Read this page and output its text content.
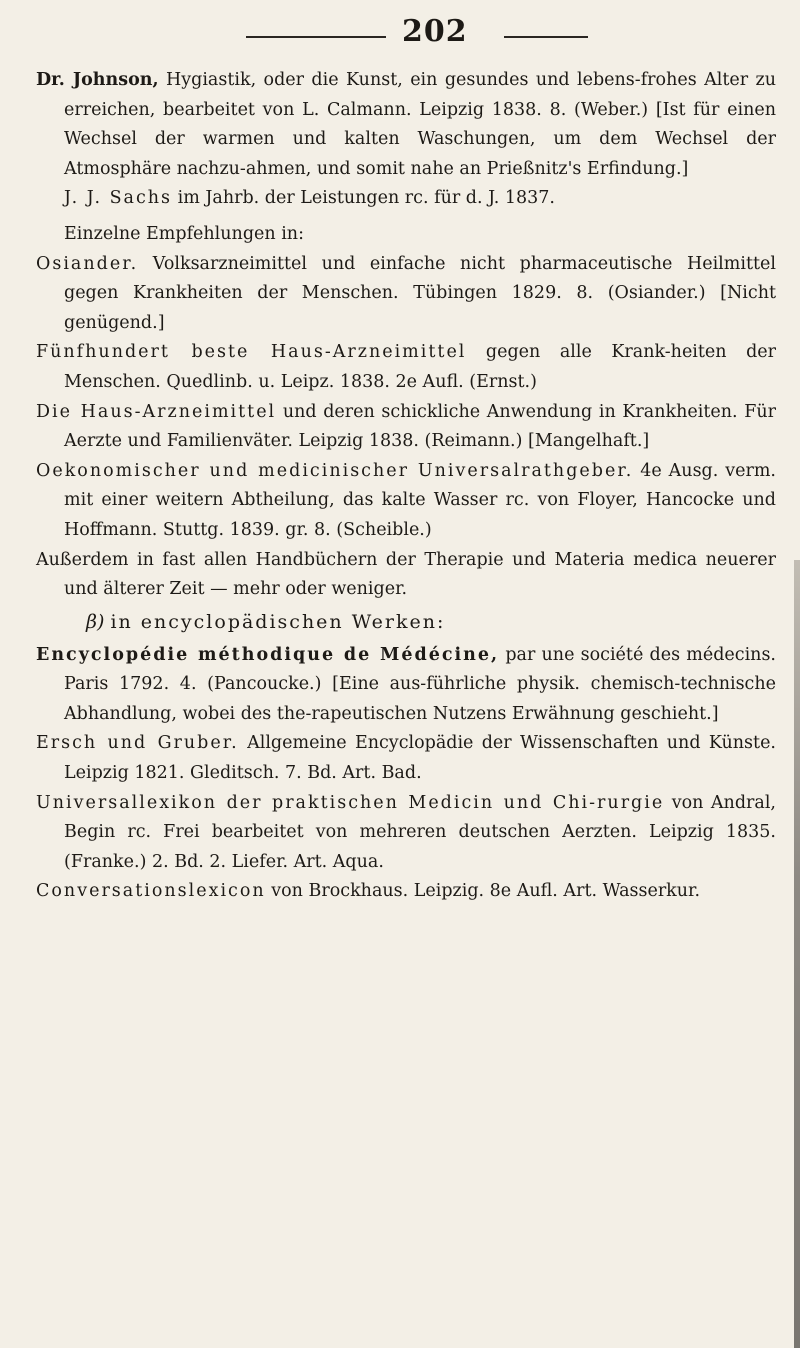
202

Dr. Johnson, Hygiastik, oder die Kunst, ein gesundes und lebens-frohes Alter zu erreichen, bearbeitet von L. Calmann. Leipzig 1838. 8. (Weber.) [Ist für einen Wechsel der warmen und kalten Waschungen, um dem Wechsel der Atmosphäre nachzu-ahmen, und somit nahe an Prießnitz's Erfindung.]

J. J. Sachs im Jahrb. der Leistungen rc. für d. J. 1837.

Einzelne Empfehlungen in:

Osiander. Volksarzneimittel und einfache nicht pharmaceutische Heilmittel gegen Krankheiten der Menschen. Tübingen 1829. 8. (Osiander.) [Nicht genügend.]

Fünfhundert beste Haus-Arzneimittel gegen alle Krank-heiten der Menschen. Quedlinb. u. Leipz. 1838. 2e Aufl. (Ernst.)

Die Haus-Arzneimittel und deren schickliche Anwendung in Krankheiten. Für Aerzte und Familienväter. Leipzig 1838. (Reimann.) [Mangelhaft.]

Oekonomischer und medicinischer Universalrathgeber. 4e Ausg. verm. mit einer weitern Abtheilung, das kalte Wasser rc. von Floyer, Hancocke und Hoffmann. Stuttg. 1839. gr. 8. (Scheible.)

Außerdem in fast allen Handbüchern der Therapie und Materia medica neuerer und älterer Zeit — mehr oder weniger.

β) in encyclopädischen Werken:

Encyclopédie méthodique de Médécine, par une société des médecins. Paris 1792. 4. (Pancoucke.) [Eine aus-führliche physik. chemisch-technische Abhandlung, wobei des the-rapeutischen Nutzens Erwähnung geschieht.]

Ersch und Gruber. Allgemeine Encyclopädie der Wissenschaften und Künste. Leipzig 1821. Gleditsch. 7. Bd. Art. Bad.

Universallexikon der praktischen Medicin und Chi-rurgie von Andral, Begin rc. Frei bearbeitet von mehreren deutschen Aerzten. Leipzig 1835. (Franke.) 2. Bd. 2. Liefer. Art. Aqua.

Conversationslexicon von Brockhaus. Leipzig. 8e Aufl. Art. Wasserkur.
